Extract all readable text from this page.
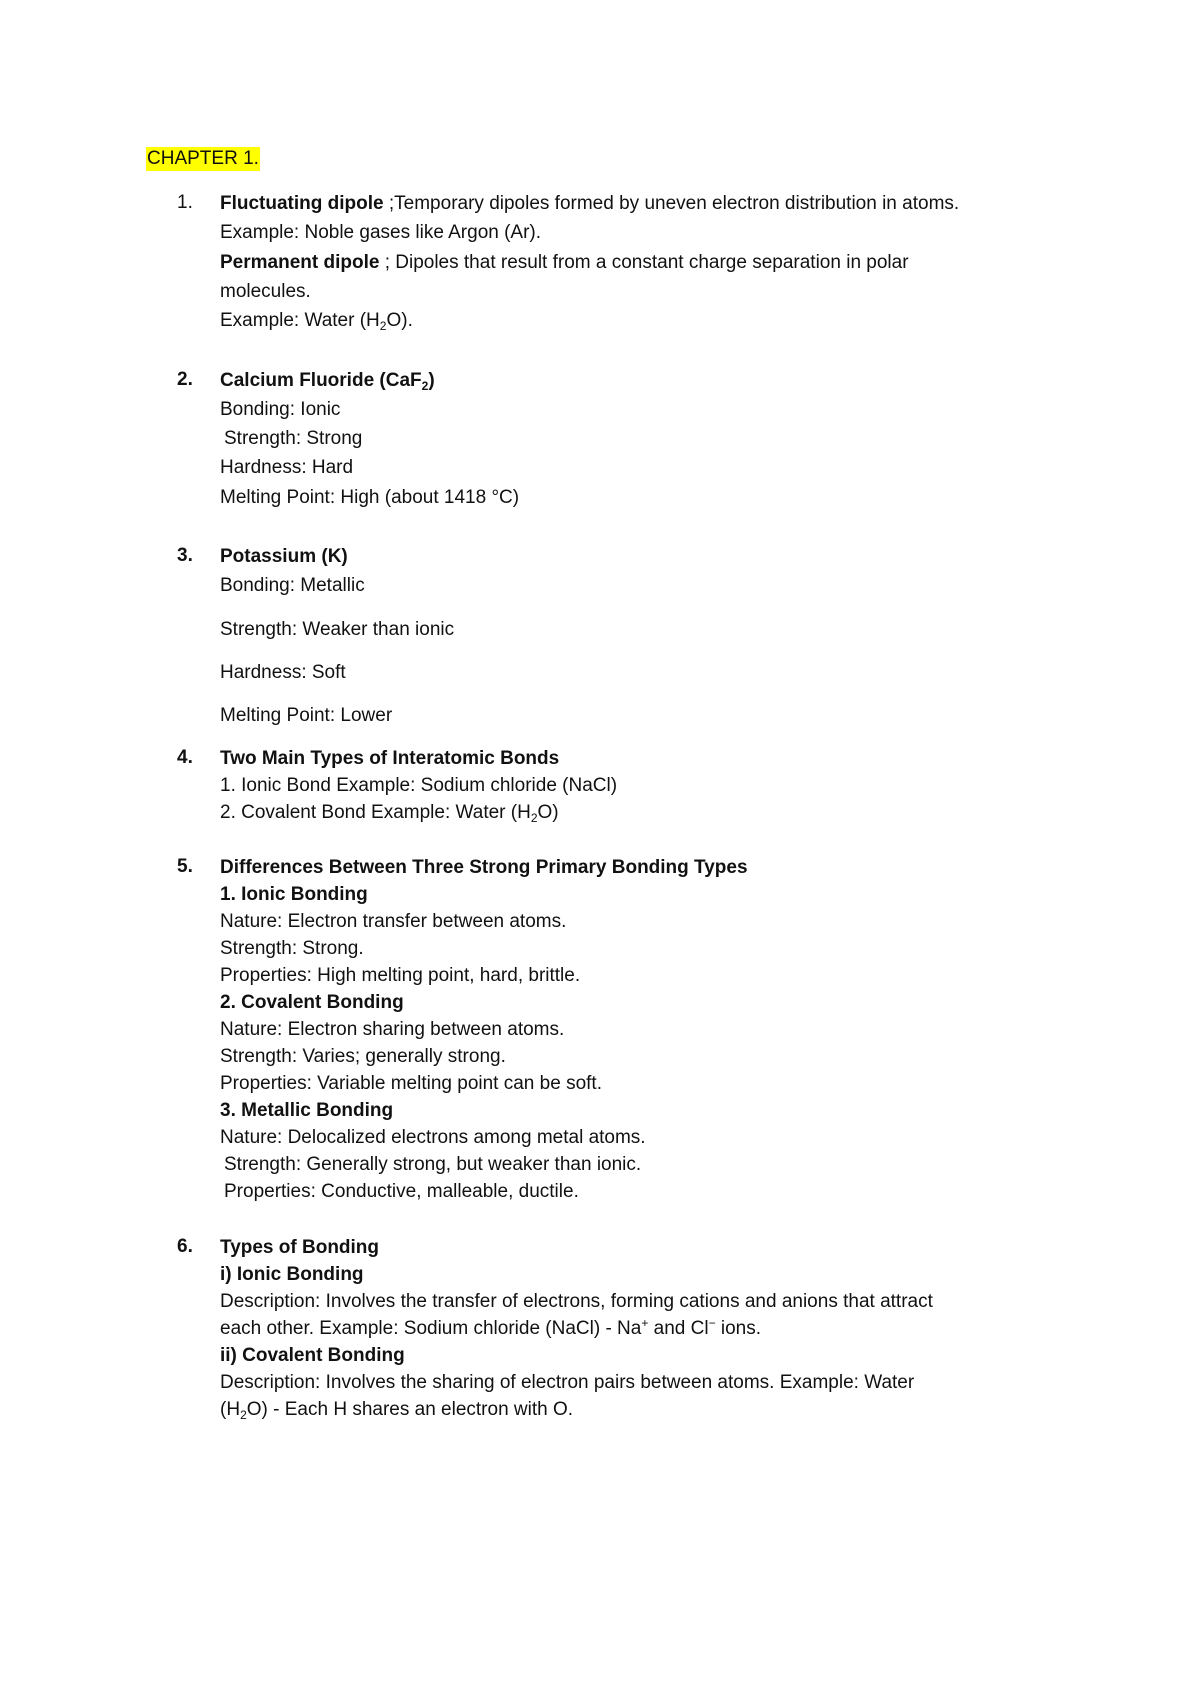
CHAPTER 1.
1.	Fluctuating dipole ;Temporary dipoles formed by uneven electron distribution in atoms.
Example: Noble gases like Argon (Ar).
Permanent dipole ; Dipoles that result from a constant charge separation in polar
molecules.
Example: Water $(H_2O)$.
2.	Calcium Fluoride (CaF$_2$)
Bonding: Ionic
Strength: Strong
Hardness: Hard
Melting Point: High (about 1418 °C)
3.	Potassium (K)
Bonding: Metallic
Strength: Weaker than ionic
Hardness: Soft
Melting Point: Lower
4.	Two Main Types of Interatomic Bonds
1. Ionic Bond Example: Sodium chloride (NaCl)
2. Covalent Bond Example: Water $(H_2O)$
5.	Differences Between Three Strong Primary Bonding Types
1. Ionic Bonding
Nature: Electron transfer between atoms.
Strength: Strong.
Properties: High melting point, hard, brittle.
2. Covalent Bonding
Nature: Electron sharing between atoms.
Strength: Varies; generally strong.
Properties: Variable melting point can be soft.
3. Metallic Bonding
Nature: Delocalized electrons among metal atoms.
Strength: Generally strong, but weaker than ionic.
Properties: Conductive, malleable, ductile.
6.	Types of Bonding
i) Ionic Bonding
Description: Involves the transfer of electrons, forming cations and anions that attract
each other. Example: Sodium chloride (NaCl) - Na+ and Cl− ions.
ii) Covalent Bonding
Description: Involves the sharing of electron pairs between atoms. Example: Water
$(H_2O)$ - Each H shares an electron with O.
